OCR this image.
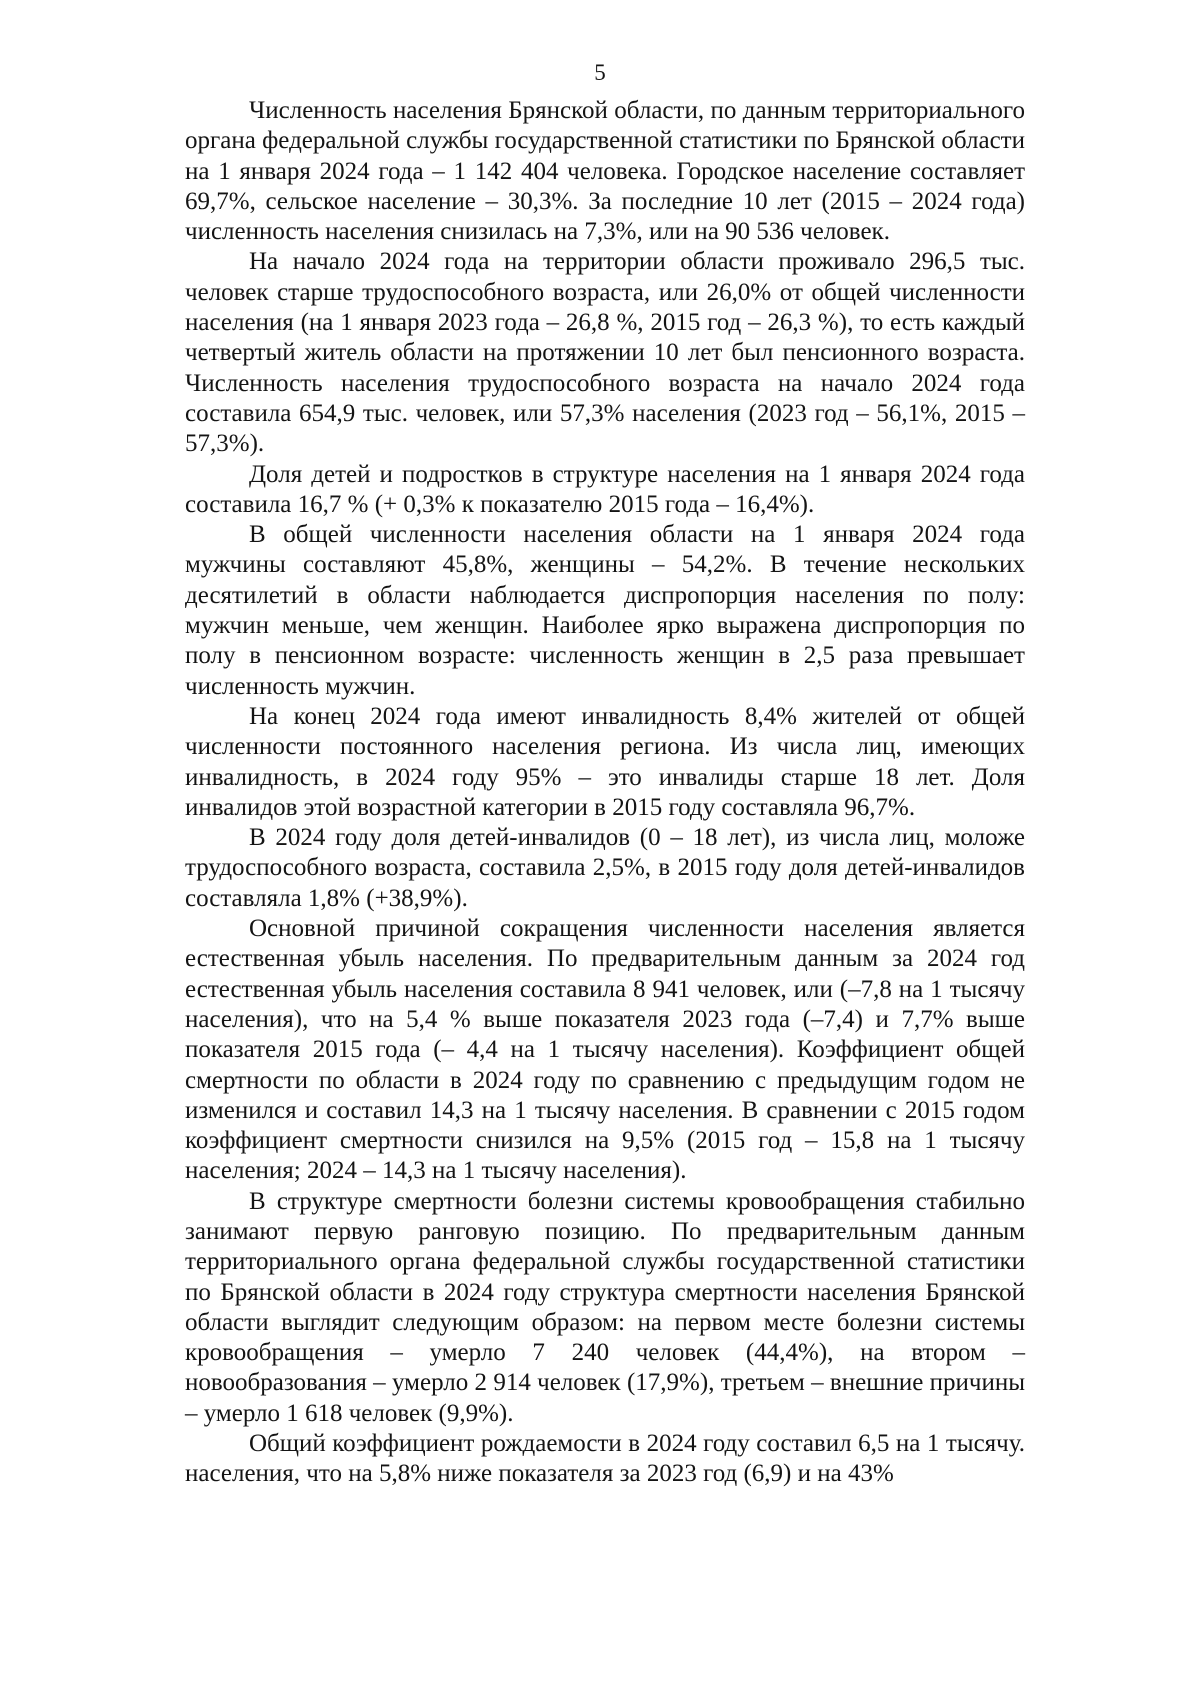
5

Численность населения Брянской области, по данным территориального органа федеральной службы государственной статистики по Брянской области на 1 января 2024 года – 1 142 404 человека. Городское население составляет 69,7%, сельское население – 30,3%. За последние 10 лет (2015 – 2024 года) численность населения снизилась на 7,3%, или на 90 536 человек.

На начало 2024 года на территории области проживало 296,5 тыс. человек старше трудоспособного возраста, или 26,0% от общей численности населения (на 1 января 2023 года – 26,8 %, 2015 год – 26,3 %), то есть каждый четвертый житель области на протяжении 10 лет был пенсионного возраста. Численность населения трудоспособного возраста на начало 2024 года составила 654,9 тыс. человек, или 57,3% населения (2023 год – 56,1%, 2015 – 57,3%).

Доля детей и подростков в структуре населения на 1 января 2024 года составила 16,7 % (+ 0,3% к показателю 2015 года – 16,4%).

В общей численности населения области на 1 января 2024 года мужчины составляют 45,8%, женщины – 54,2%. В течение нескольких десятилетий в области наблюдается диспропорция населения по полу: мужчин меньше, чем женщин. Наиболее ярко выражена диспропорция по полу в пенсионном возрасте: численность женщин в 2,5 раза превышает численность мужчин.

На конец 2024 года имеют инвалидность 8,4% жителей от общей численности постоянного населения региона. Из числа лиц, имеющих инвалидность, в 2024 году 95% – это инвалиды старше 18 лет. Доля инвалидов этой возрастной категории в 2015 году составляла 96,7%.

В 2024 году доля детей-инвалидов (0 – 18 лет), из числа лиц, моложе трудоспособного возраста, составила 2,5%, в 2015 году доля детей-инвалидов составляла 1,8% (+38,9%).

Основной причиной сокращения численности населения является естественная убыль населения. По предварительным данным за 2024 год естественная убыль населения составила 8 941 человек, или (–7,8 на 1 тысячу населения), что на 5,4 % выше показателя 2023 года (–7,4) и 7,7% выше показателя 2015 года (– 4,4 на 1 тысячу населения). Коэффициент общей смертности по области в 2024 году по сравнению с предыдущим годом не изменился и составил 14,3 на 1 тысячу населения. В сравнении с 2015 годом коэффициент смертности снизился на 9,5% (2015 год – 15,8 на 1 тысячу населения; 2024 – 14,3 на 1 тысячу населения).

В структуре смертности болезни системы кровообращения стабильно занимают первую ранговую позицию. По предварительным данным территориального органа федеральной службы государственной статистики по Брянской области в 2024 году структура смертности населения Брянской области выглядит следующим образом: на первом месте болезни системы кровообращения – умерло 7 240 человек (44,4%), на втором – новообразования – умерло 2 914 человек (17,9%), третьем – внешние причины – умерло 1 618 человек (9,9%).

Общий коэффициент рождаемости в 2024 году составил 6,5 на 1 тысячу. населения, что на 5,8% ниже показателя за 2023 год (6,9) и на 43%
